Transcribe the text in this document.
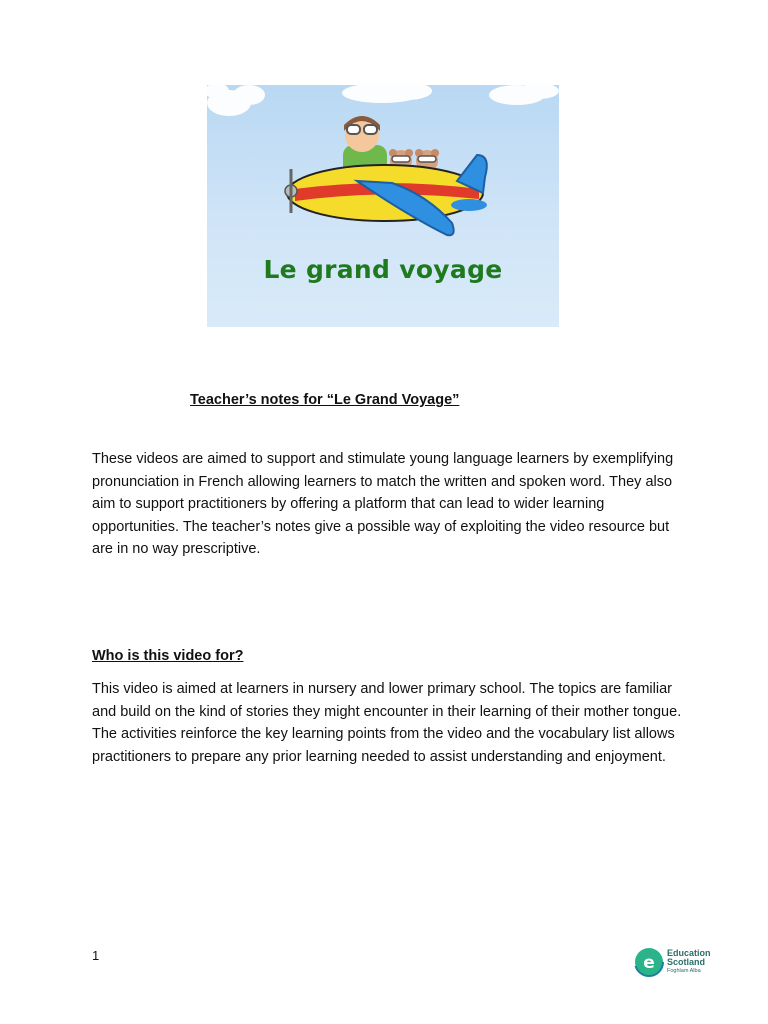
Le grand voyage
Teacher’s notes for “Le Grand Voyage”

These videos are aimed to support and stimulate young language learners by exemplifying pronunciation in French allowing learners to match the written and spoken word. They also aim to support practitioners by offering a platform that can lead to wider learning opportunities. The teacher’s notes give a possible way of exploiting the video resource but are in no way prescriptive.

Who is this video for?

This video is aimed at learners in nursery and lower primary school. The topics are familiar and build on the kind of stories they might encounter in their learning of their mother tongue. The activities reinforce the key learning points from the video and the vocabulary list allows practitioners to prepare any prior learning needed to assist understanding and enjoyment.

1	e Education
Scotland
Foghlam Alba
